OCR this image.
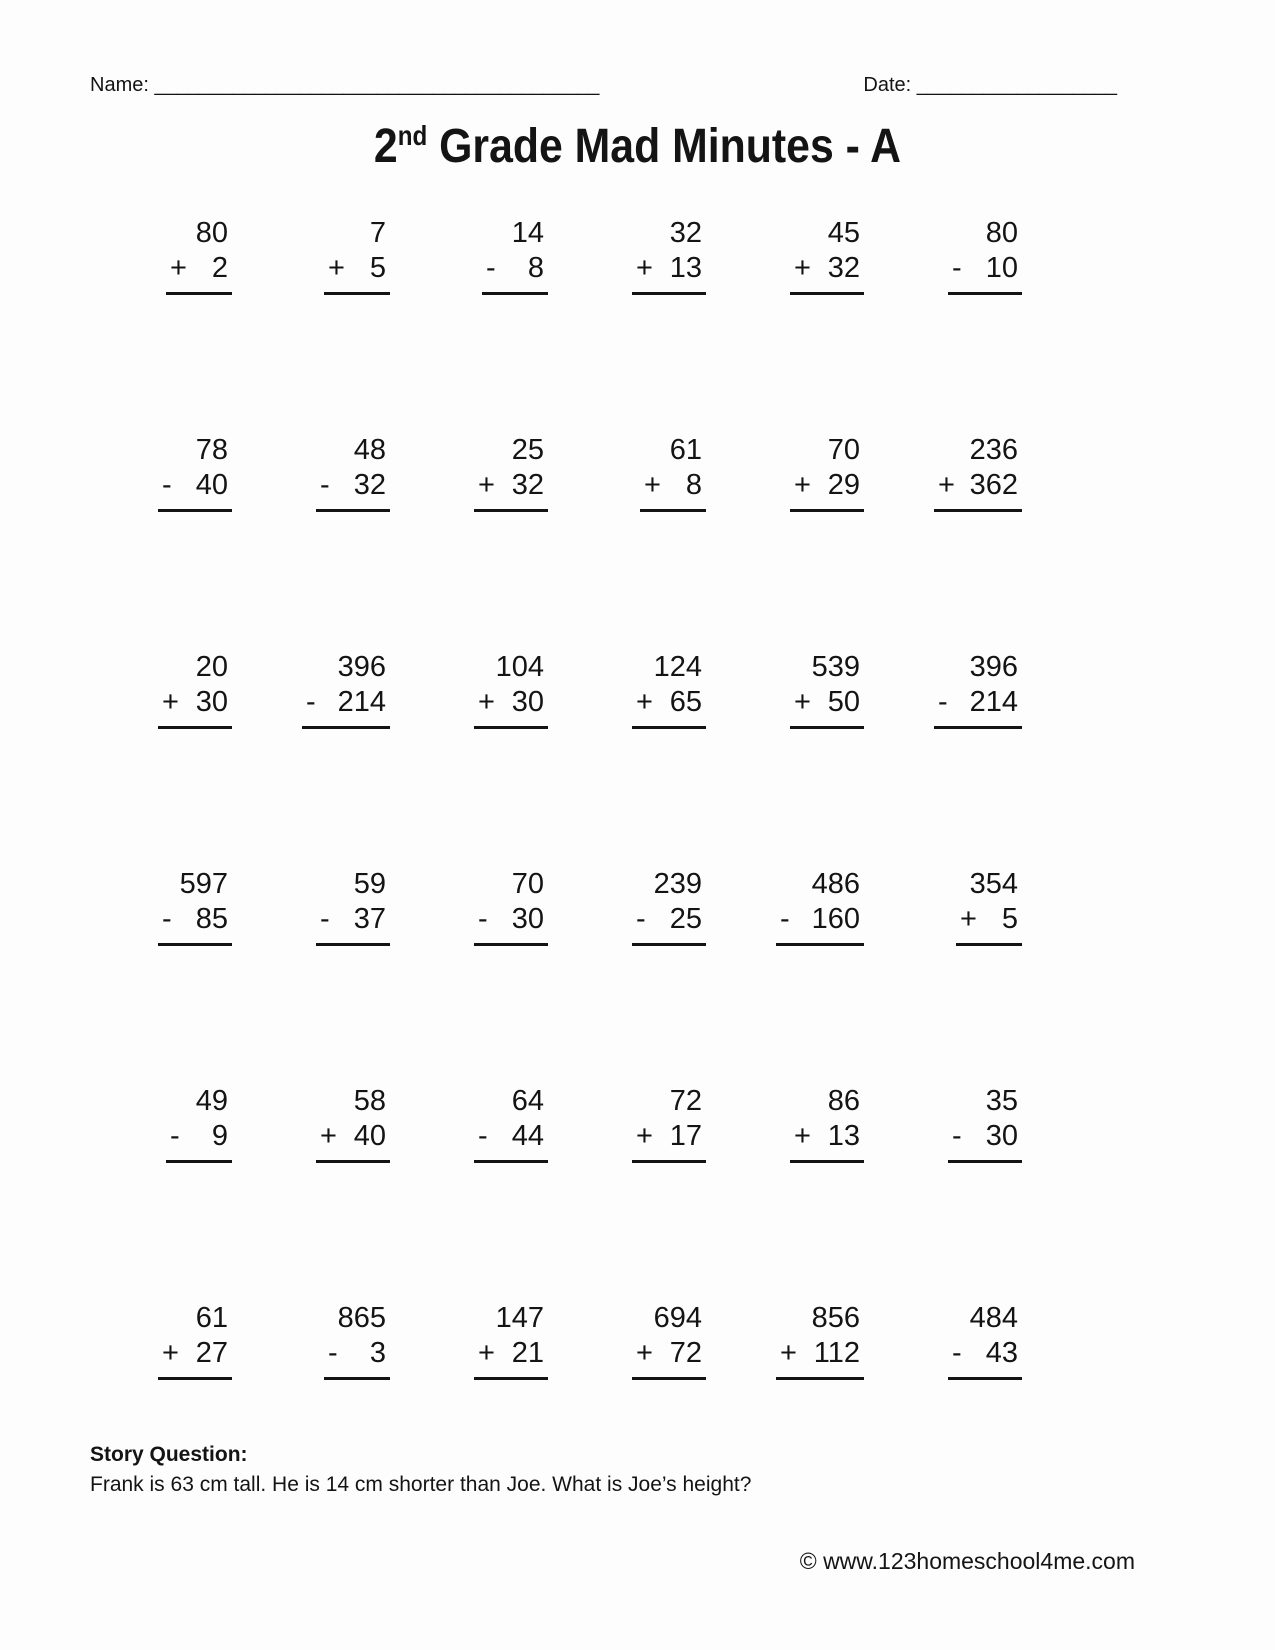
Name: ________________________________________	Date: __________________
2nd Grade Mad Minutes - A
80
+ 2
7
+ 5
14
- 8
32
+ 13
45
+ 32
80
- 10
78
- 40
48
- 32
25
+ 32
61
+ 8
70
+ 29
236
+ 362
20
+ 30
396
- 214
104
+ 30
124
+ 65
539
+ 50
396
- 214
597
- 85
59
- 37
70
- 30
239
- 25
486
- 160
354
+ 5
49
- 9
58
+ 40
64
- 44
72
+ 17
86
+ 13
35
- 30
61
+ 27
865
- 3
147
+ 21
694
+ 72
856
+ 112
484
- 43
Story Question:
Frank is 63 cm tall. He is 14 cm shorter than Joe. What is Joe’s height?
© www.123homeschool4me.com
